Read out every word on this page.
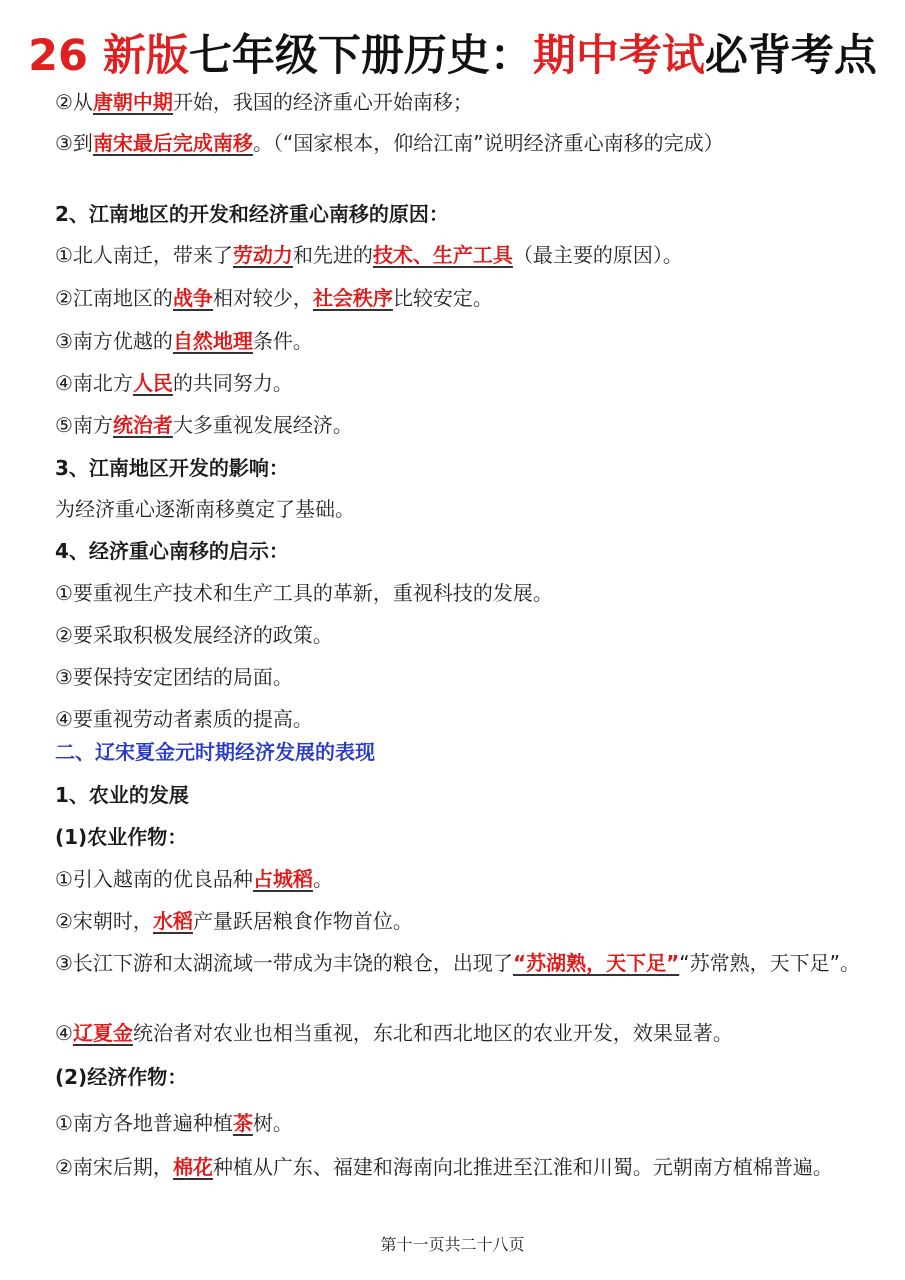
26 新版七年级下册历史：期中考试必背考点
②从唐朝中期开始，我国的经济重心开始南移；
③到南宋最后完成南移。（“国家根本，仰给江南”说明经济重心南移的完成）
2、江南地区的开发和经济重心南移的原因：
①北人南迁，带来了劳动力和先进的技术、生产工具（最主要的原因）。
②江南地区的战争相对较少，社会秩序比较安定。
③南方优越的自然地理条件。
④南北方人民的共同努力。
⑤南方统治者大多重视发展经济。
3、江南地区开发的影响：
为经济重心逐渐南移奠定了基础。
4、经济重心南移的启示：
①要重视生产技术和生产工具的革新，重视科技的发展。
②要采取积极发展经济的政策。
③要保持安定团结的局面。
④要重视劳动者素质的提高。
二、辽宋夏金元时期经济发展的表现
1、农业的发展
(1)农业作物：
①引入越南的优良品种占城稻。
②宋朝时，水稻产量跃居粮食作物首位。
③长江下游和太湖流域一带成为丰饶的粮仓，出现了“苏湖熟，天下足”“苏常熟，天下足”。
④辽夏金统治者对农业也相当重视，东北和西北地区的农业开发，效果显著。
(2)经济作物：
①南方各地普遍种植茶树。
②南宋后期，棉花种植从广东、福建和海南向北推进至江淮和川蜀。元朝南方植棉普遍。
第十一页共二十八页
